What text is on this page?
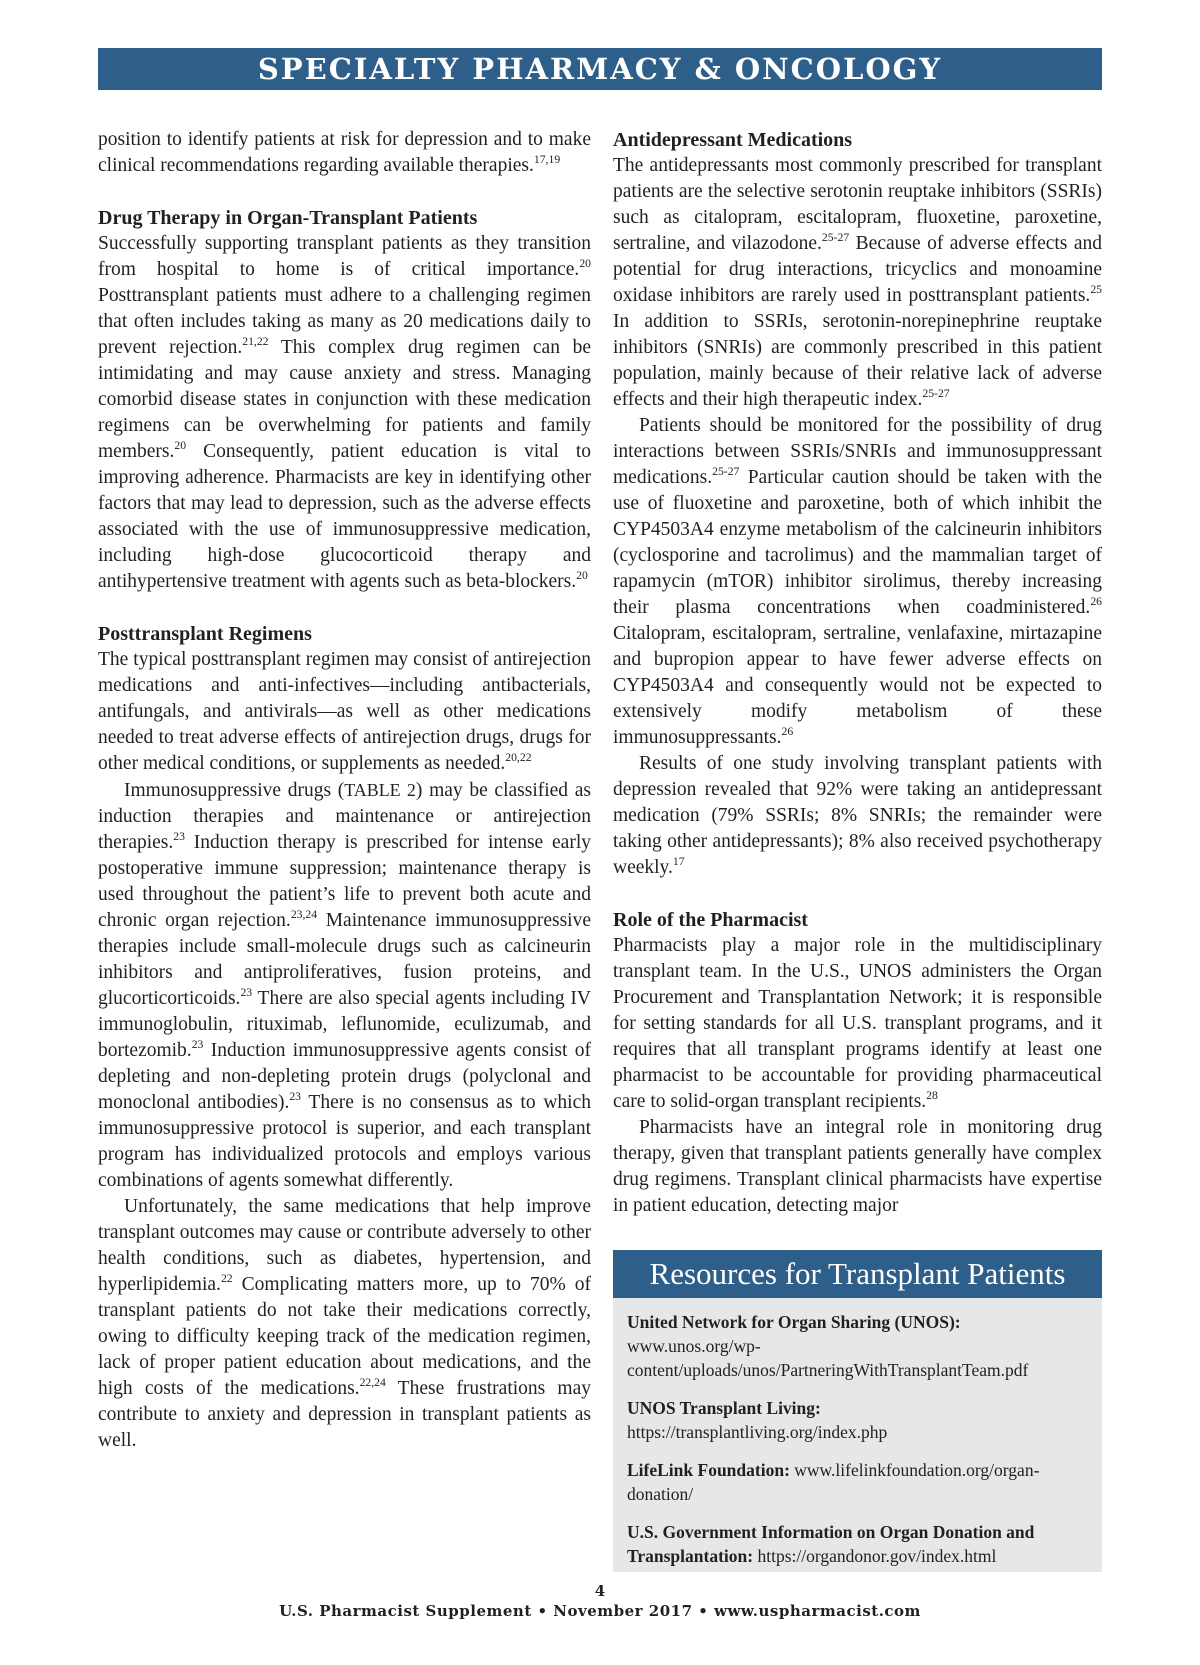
SPECIALTY PHARMACY & ONCOLOGY

position to identify patients at risk for depression and to make clinical recommendations regarding available therapies.$^{17,19}$

Drug Therapy in Organ-Transplant Patients

Successfully supporting transplant patients as they transition from hospital to home is of critical importance.$^{20}$ Posttransplant patients must adhere to a challenging regimen that often includes taking as many as 20 medications daily to prevent rejection.$^{21,22}$ This complex drug regimen can be intimidating and may cause anxiety and stress. Managing comorbid disease states in conjunction with these medication regimens can be overwhelming for patients and family members.$^{20}$ Consequently, patient education is vital to improving adherence. Pharmacists are key in identifying other factors that may lead to depression, such as the adverse effects associated with the use of immunosuppressive medication, including high-dose glucocorticoid therapy and antihypertensive treatment with agents such as beta-blockers.$^{20}$

Posttransplant Regimens

The typical posttransplant regimen may consist of antirejection medications and anti-infectives—including antibacterials, antifungals, and antivirals—as well as other medications needed to treat adverse effects of antirejection drugs, drugs for other medical conditions, or supplements as needed.$^{20,22}$

Immunosuppressive drugs (TABLE 2) may be classified as induction therapies and maintenance or antirejection therapies.$^{23}$ Induction therapy is prescribed for intense early postoperative immune suppression; maintenance therapy is used throughout the patient’s life to prevent both acute and chronic organ rejection.$^{23,24}$ Maintenance immunosuppressive therapies include small-molecule drugs such as calcineurin inhibitors and antiproliferatives, fusion proteins, and glucorticorticoids.$^{23}$ There are also special agents including IV immunoglobulin, rituximab, leflunomide, eculizumab, and bortezomib.$^{23}$ Induction immunosuppressive agents consist of depleting and non-depleting protein drugs (polyclonal and monoclonal antibodies).$^{23}$ There is no consensus as to which immunosuppressive protocol is superior, and each transplant program has individualized protocols and employs various combinations of agents somewhat differently.

Unfortunately, the same medications that help improve transplant outcomes may cause or contribute adversely to other health conditions, such as diabetes, hypertension, and hyperlipidemia.$^{22}$ Complicating matters more, up to 70% of transplant patients do not take their medications correctly, owing to difficulty keeping track of the medication regimen, lack of proper patient education about medications, and the high costs of the medications.$^{22,24}$ These frustrations may contribute to anxiety and depression in transplant patients as well.

Antidepressant Medications

The antidepressants most commonly prescribed for transplant patients are the selective serotonin reuptake inhibitors (SSRIs) such as citalopram, escitalopram, fluoxetine, paroxetine, sertraline, and vilazodone.$^{25-27}$ Because of adverse effects and potential for drug interactions, tricyclics and monoamine oxidase inhibitors are rarely used in posttransplant patients.$^{25}$ In addition to SSRIs, serotonin-norepinephrine reuptake inhibitors (SNRIs) are commonly prescribed in this patient population, mainly because of their relative lack of adverse effects and their high therapeutic index.$^{25-27}$

Patients should be monitored for the possibility of drug interactions between SSRIs/SNRIs and immunosuppressant medications.$^{25-27}$ Particular caution should be taken with the use of fluoxetine and paroxetine, both of which inhibit the CYP4503A4 enzyme metabolism of the calcineurin inhibitors (cyclosporine and tacrolimus) and the mammalian target of rapamycin (mTOR) inhibitor sirolimus, thereby increasing their plasma concentrations when coadministered.$^{26}$ Citalopram, escitalopram, sertraline, venlafaxine, mirtazapine and bupropion appear to have fewer adverse effects on CYP4503A4 and consequently would not be expected to extensively modify metabolism of these immunosuppressants.$^{26}$

Results of one study involving transplant patients with depression revealed that 92% were taking an antidepressant medication (79% SSRIs; 8% SNRIs; the remainder were taking other antidepressants); 8% also received psychotherapy weekly.$^{17}$

Role of the Pharmacist

Pharmacists play a major role in the multidisciplinary transplant team. In the U.S., UNOS administers the Organ Procurement and Transplantation Network; it is responsible for setting standards for all U.S. transplant programs, and it requires that all transplant programs identify at least one pharmacist to be accountable for providing pharmaceutical care to solid-organ transplant recipients.$^{28}$

Pharmacists have an integral role in monitoring drug therapy, given that transplant patients generally have complex drug regimens. Transplant clinical pharmacists have expertise in patient education, detecting major

Resources for Transplant Patients
United Network for Organ Sharing (UNOS): www.unos.org/wp-content/uploads/unos/PartneringWithTransplantTeam.pdf
UNOS Transplant Living: https://transplantliving.org/index.php
LifeLink Foundation: www.lifelinkfoundation.org/organ-donation/
U.S. Government Information on Organ Donation and Transplantation: https://organdonor.gov/index.html
4
U.S. Pharmacist Supplement • November 2017 • www.uspharmacist.com
